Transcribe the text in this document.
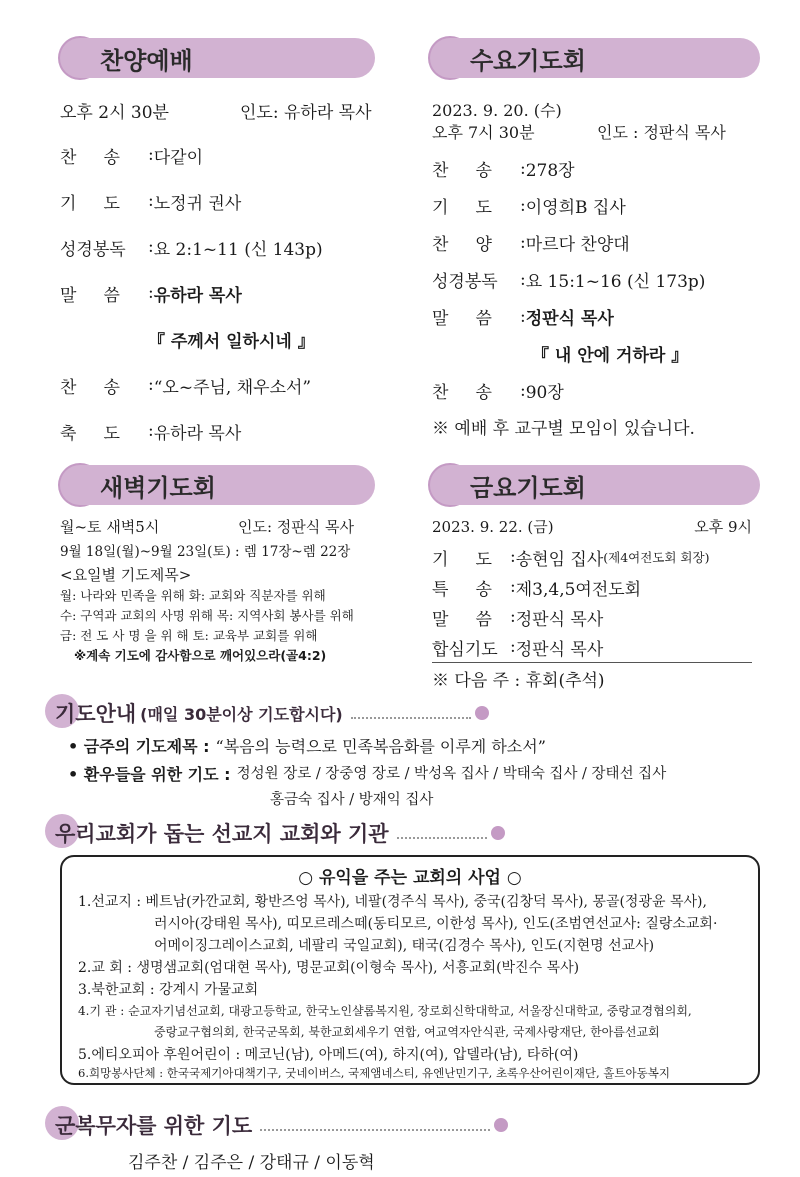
찬양예배
오후 2시 30분	인도: 유하라 목사
찬     송	: 다같이
기     도	: 노정귀 권사
성경봉독	: 요 2:1~11 (신 143p)
말     씀	: 유하라 목사
『 주께서 일하시네 』
찬     송	: “오~주님, 채우소서”
축     도	: 유하라 목사
수요기도회
2023. 9. 20. (수)
오후 7시 30분	인도 : 정판식 목사
찬     송	: 278장
기     도	: 이영희B 집사
찬     양	: 마르다 찬양대
성경봉독	: 요 15:1~16 (신 173p)
말     씀	: 정판식 목사
『 내 안에 거하라 』
찬     송	: 90장
※ 예배 후 교구별 모임이 있습니다.
새벽기도회
월~토 새벽5시	인도: 정판식 목사
9월 18일(월)~9월 23일(토) : 렘 17장~렘 22장
<요일별 기도제목>
월: 나라와 민족을 위해 화: 교회와 직분자를 위해
수: 구역과 교회의 사명 위해 목: 지역사회 봉사를 위해
금: 전 도 사 명 을 위 해 토: 교육부 교회를 위해
※계속 기도에 감사함으로 깨어있으라(골4:2)
금요기도회
2023. 9. 22. (금)	오후 9시
기     도	: 송현임 집사 (제4여전도회 회장)
특     송	: 제3,4,5여전도회
말     씀	: 정판식 목사
합심기도 : 정판식 목사
※ 다음 주 : 휴회(추석)
기도안내 (매일 30분이상 기도합시다)
• 금주의 기도제목 : “복음의 능력으로 민족복음화를 이루게 하소서”
• 환우들을 위한 기도 : 정성원 장로 / 장중영 장로 / 박성옥 집사 / 박태숙 집사 / 장태선 집사
홍금숙 집사 / 방재익 집사
우리교회가 돕는 선교지 교회와 기관
○ 유익을 주는 교회의 사업 ○
1.선교지 : 베트남(카깐교회, 황반즈엉 목사), 네팔(경주식 목사), 중국(김창덕 목사), 몽골(정광윤 목사),
러시아(강태원 목사), 띠모르레스떼(동티모르, 이한성 목사), 인도(조범연선교사: 질랑소교회·
어메이징그레이스교회, 네팔리 국일교회), 태국(김경수 목사), 인도(지현명 선교사)
2.교 회 : 생명샘교회(엄대현 목사), 명문교회(이형숙 목사), 서흥교회(박진수 목사)
3.북한교회 : 강계시 가물교회
4.기 관 : 순교자기념선교회, 대광고등학교, 한국노인샬롬복지원, 장로회신학대학교, 서울장신대학교, 중랑교경협의회,
중랑교구협의회, 한국군목회, 북한교회세우기 연합, 여교역자안식관, 국제사랑재단, 한아름선교회
5.에티오피아 후원어린이 : 메코닌(남), 아메드(여), 하지(여), 압델라(남), 타하(여)
6.희망봉사단체 : 한국국제기아대책기구, 굿네이버스, 국제앰네스티, 유엔난민기구, 초록우산어린이재단, 홀트아동복지
군복무자를 위한 기도
김주찬 / 김주은 / 강태규 / 이동혁
